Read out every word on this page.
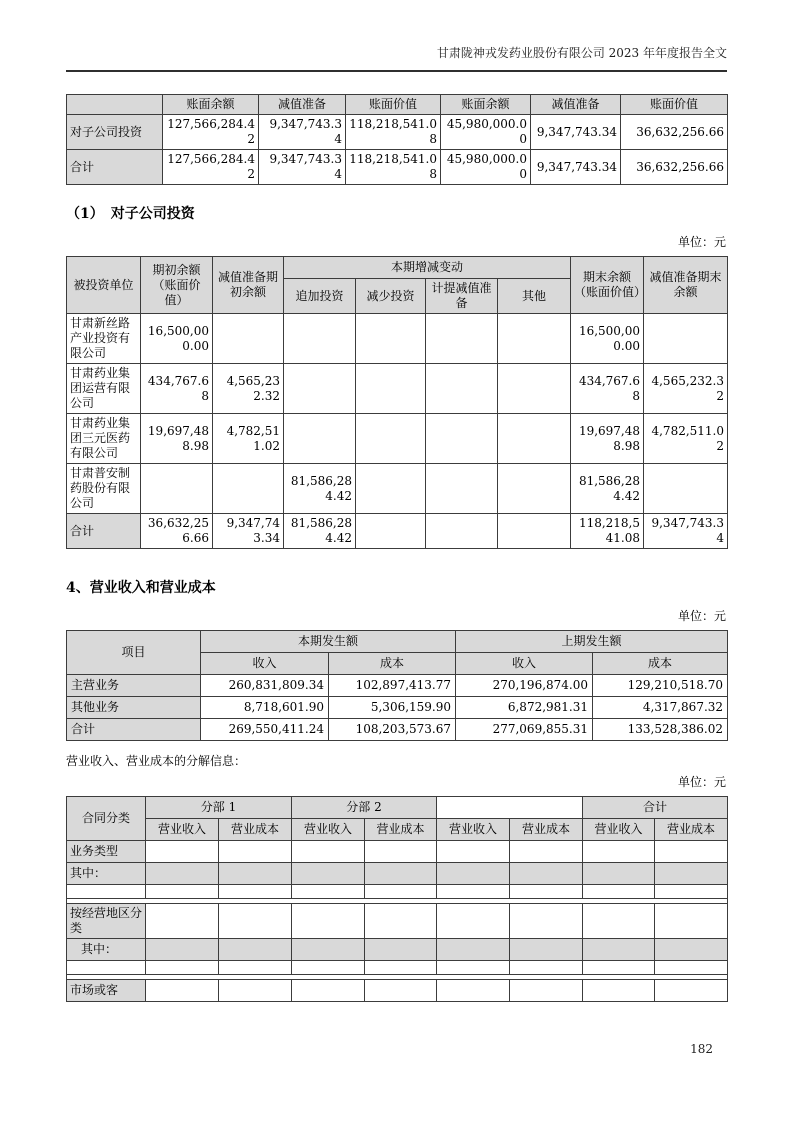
甘肃陇神戎发药业股份有限公司 2023 年年度报告全文
	账面余额	减值准备	账面价值	账面余额	减值准备	账面价值
对子公司投资	127,566,284.42	9,347,743.34	118,218,541.08	45,980,000.00	9,347,743.34	36,632,256.66
合计	127,566,284.42	9,347,743.34	118,218,541.08	45,980,000.00	9,347,743.34	36,632,256.66
（1）　对子公司投资
单位：元
被投资单位	期初余额（账面价值）	减值准备期初余额	本期增减变动				期末余额（账面价值）	减值准备期末余额
			追加投资	减少投资	计提减值准备	其他		
甘肃新丝路产业投资有限公司	16,500,000.00						16,500,000.00	
甘肃药业集团运营有限公司	434,767.68	4,565,232.32					434,767.68	4,565,232.32
甘肃药业集团三元医药有限公司	19,697,488.98	4,782,511.02					19,697,488.98	4,782,511.02
甘肃普安制药股份有限公司			81,586,284.42				81,586,284.42	
合计	36,632,256.66	9,347,743.34	81,586,284.42				118,218,541.08	9,347,743.34
4、营业收入和营业成本
单位：元
项目	本期发生额		上期发生额	
	收入	成本	收入	成本
主营业务	260,831,809.34	102,897,413.77	270,196,874.00	129,210,518.70
其他业务	8,718,601.90	5,306,159.90	6,872,981.31	4,317,867.32
合计	269,550,411.24	108,203,573.67	277,069,855.31	133,528,386.02
营业收入、营业成本的分解信息：
单位：元
合同分类	分部 1		分部 2				合计	
	营业收入	营业成本	营业收入	营业成本	营业收入	营业成本	营业收入	营业成本
业务类型								
其中：								

按经营地区分类								
其中：								

市场或客								
182
